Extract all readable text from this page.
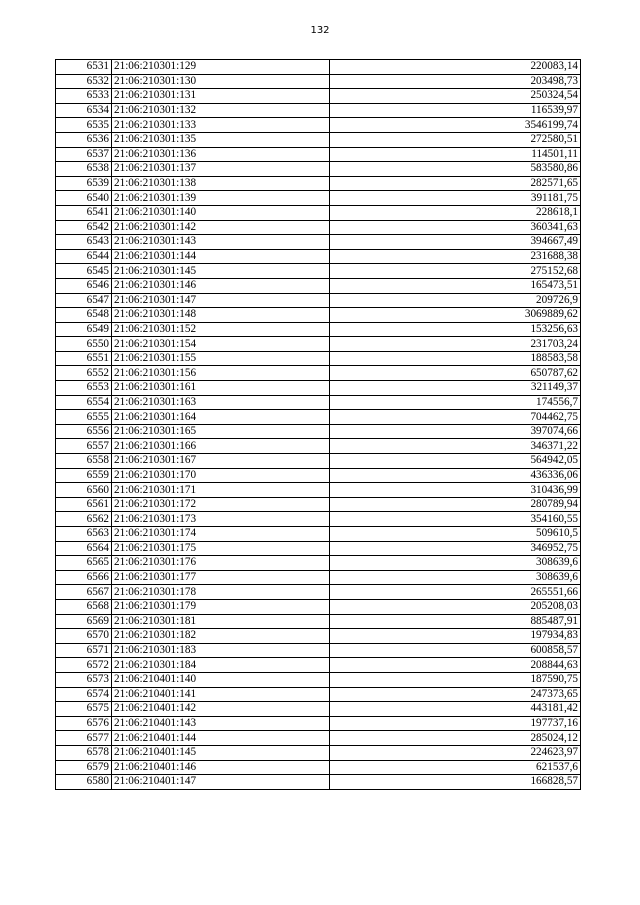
132
6531	21:06:210301:129	220083,14
6532	21:06:210301:130	203498,73
6533	21:06:210301:131	250324,54
6534	21:06:210301:132	116539,97
6535	21:06:210301:133	3546199,74
6536	21:06:210301:135	272580,51
6537	21:06:210301:136	114501,11
6538	21:06:210301:137	583580,86
6539	21:06:210301:138	282571,65
6540	21:06:210301:139	391181,75
6541	21:06:210301:140	228618,1
6542	21:06:210301:142	360341,63
6543	21:06:210301:143	394667,49
6544	21:06:210301:144	231688,38
6545	21:06:210301:145	275152,68
6546	21:06:210301:146	165473,51
6547	21:06:210301:147	209726,9
6548	21:06:210301:148	3069889,62
6549	21:06:210301:152	153256,63
6550	21:06:210301:154	231703,24
6551	21:06:210301:155	188583,58
6552	21:06:210301:156	650787,62
6553	21:06:210301:161	321149,37
6554	21:06:210301:163	174556,7
6555	21:06:210301:164	704462,75
6556	21:06:210301:165	397074,66
6557	21:06:210301:166	346371,22
6558	21:06:210301:167	564942,05
6559	21:06:210301:170	436336,06
6560	21:06:210301:171	310436,99
6561	21:06:210301:172	280789,94
6562	21:06:210301:173	354160,55
6563	21:06:210301:174	509610,5
6564	21:06:210301:175	346952,75
6565	21:06:210301:176	308639,6
6566	21:06:210301:177	308639,6
6567	21:06:210301:178	265551,66
6568	21:06:210301:179	205208,03
6569	21:06:210301:181	885487,91
6570	21:06:210301:182	197934,83
6571	21:06:210301:183	600858,57
6572	21:06:210301:184	208844,63
6573	21:06:210401:140	187590,75
6574	21:06:210401:141	247373,65
6575	21:06:210401:142	443181,42
6576	21:06:210401:143	197737,16
6577	21:06:210401:144	285024,12
6578	21:06:210401:145	224623,97
6579	21:06:210401:146	621537,6
6580	21:06:210401:147	166828,57
